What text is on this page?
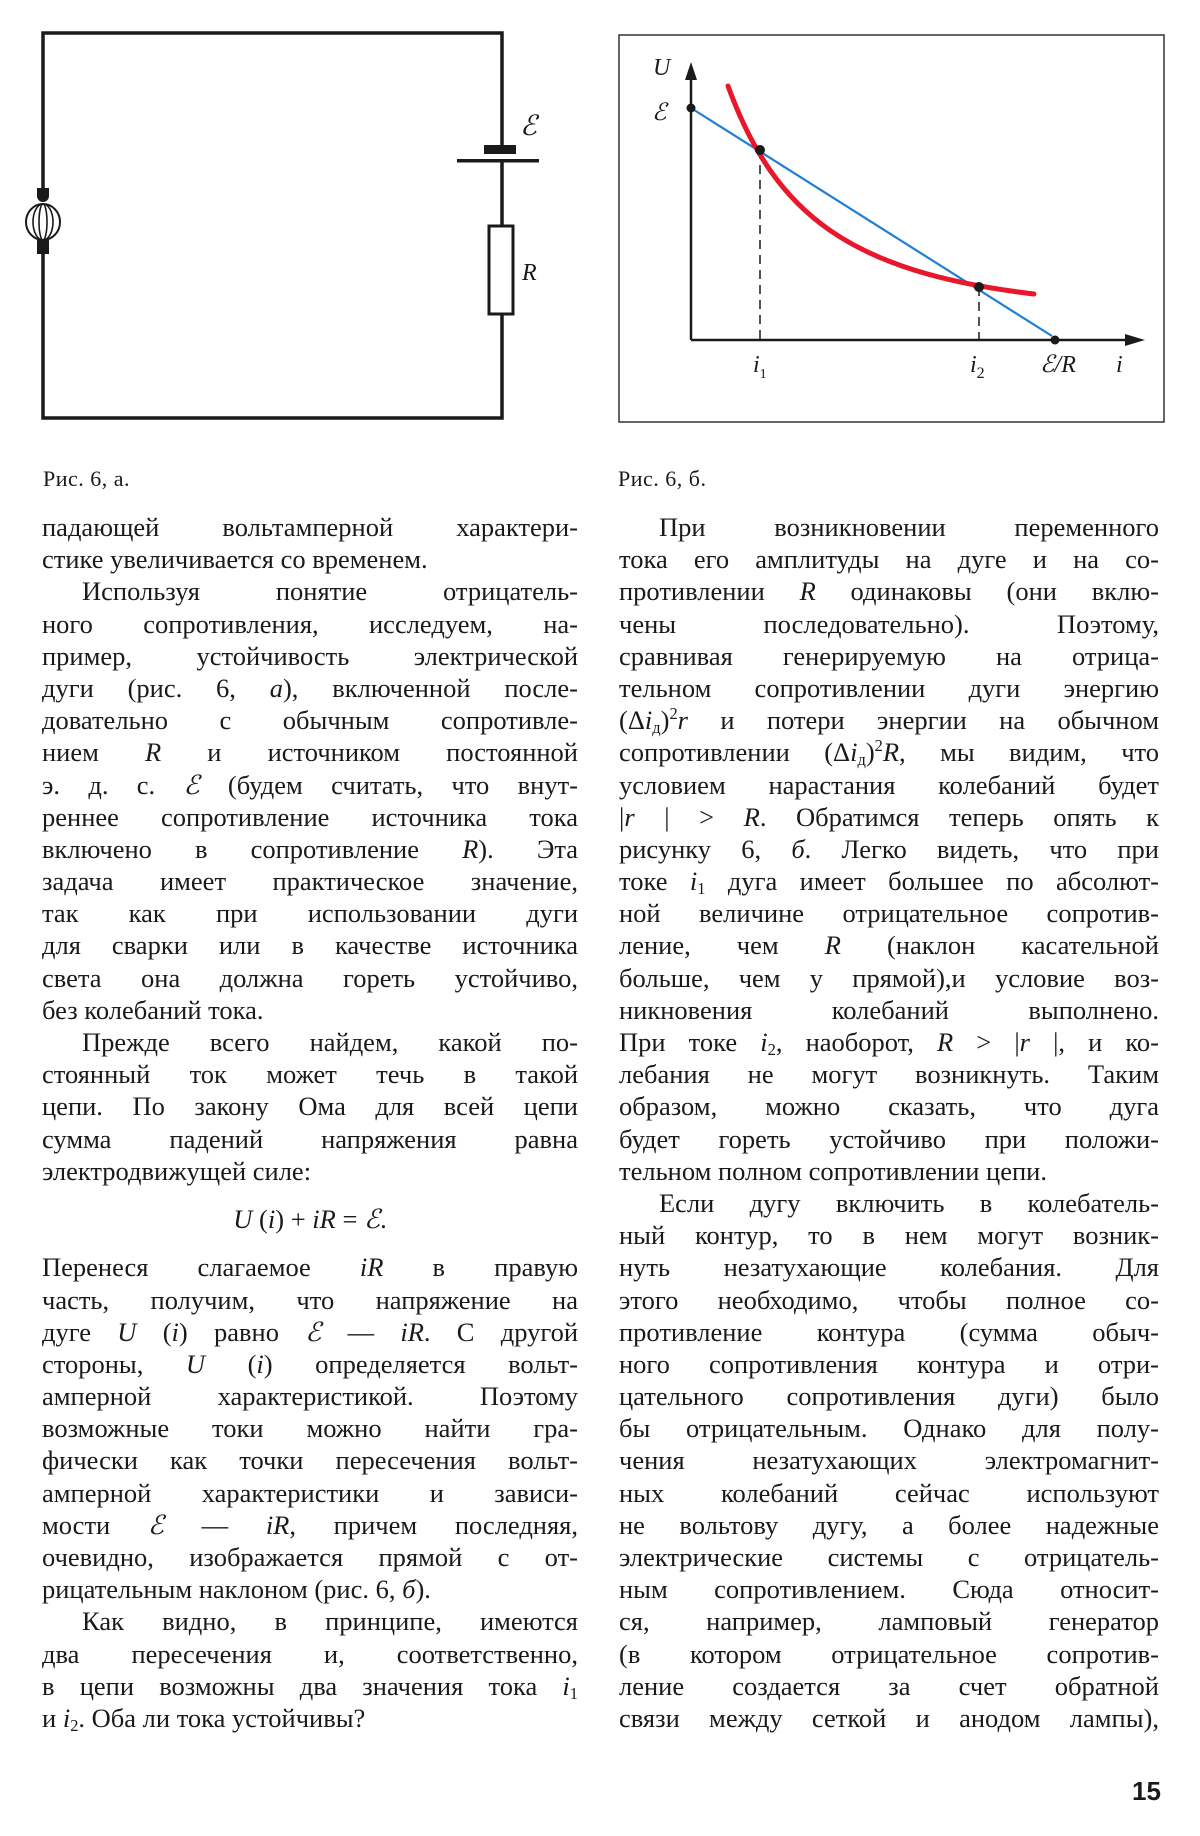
ℰ
R
Рис. 6, а.
U
ℰ
$i_1$	$i_2$ ℰ/R i
Рис. 6, б.
падающей вольтамперной характери-
стике увеличивается со временем.
Используя понятие отрицатель-
ного сопротивления, исследуем, на-
пример, устойчивость электрической
дуги (рис. 6, а), включенной после-
довательно с обычным сопротивле-
нием R и источником постоянной
э. д. с. ℰ (будем считать, что внут-
реннее сопротивление источника тока
включено в сопротивление R). Эта
задача имеет практическое значение,
так как при использовании дуги
для сварки или в качестве источника
света она должна гореть устойчиво,
без колебаний тока.
Прежде всего найдем, какой по-
стоянный ток может течь в такой
цепи. По закону Ома для всей цепи
сумма падений напряжения равна
электродвижущей силе:
U (i) + iR = ℰ.
Перенеся слагаемое iR в правую
часть, получим, что напряжение на
дуге U (i) равно ℰ — iR. С другой
стороны, U (i) определяется вольт-
амперной характеристикой. Поэтому
возможные токи можно найти гра-
фически как точки пересечения вольт-
амперной характеристики и зависи-
мости ℰ — iR, причем последняя,
очевидно, изображается прямой с от-
рицательным наклоном (рис. 6, б).
Как видно, в принципе, имеются
два пересечения и, соответственно,
в цепи возможны два значения тока $i_1$
и $i_2$. Оба ли тока устойчивы?
При возникновении переменного
тока его амплитуды на дуге и на со-
противлении R одинаковы (они вклю-
чены последовательно). Поэтому,
сравнивая генерируемую на отрица-
тельном сопротивлении дуги энергию
$(\Delta i_д)^2r$ и потери энергии на обычном
сопротивлении $(\Delta i_д)^2R$, мы видим, что
условием нарастания колебаний будет
|r | > R. Обратимся теперь опять к
рисунку 6, б. Легко видеть, что при
токе $i_1$ дуга имеет большее по абсолют-
ной величине отрицательное сопротив-
ление, чем R (наклон касательной
больше, чем у прямой),и условие воз-
никновения колебаний выполнено.
При токе $i_2$, наоборот, R > |r |, и ко-
лебания не могут возникнуть. Таким
образом, можно сказать, что дуга
будет гореть устойчиво при положи-
тельном полном сопротивлении цепи.
Если дугу включить в колебатель-
ный контур, то в нем могут возник-
нуть незатухающие колебания. Для
этого необходимо, чтобы полное со-
противление контура (сумма обыч-
ного сопротивления контура и отри-
цательного сопротивления дуги) было
бы отрицательным. Однако для полу-
чения незатухающих электромагнит-
ных колебаний сейчас используют
не вольтову дугу, а более надежные
электрические системы с отрицатель-
ным сопротивлением. Сюда относит-
ся, например, ламповый генератор
(в котором отрицательное сопротив-
ление создается за счет обратной
связи между сеткой и анодом лампы),
15
